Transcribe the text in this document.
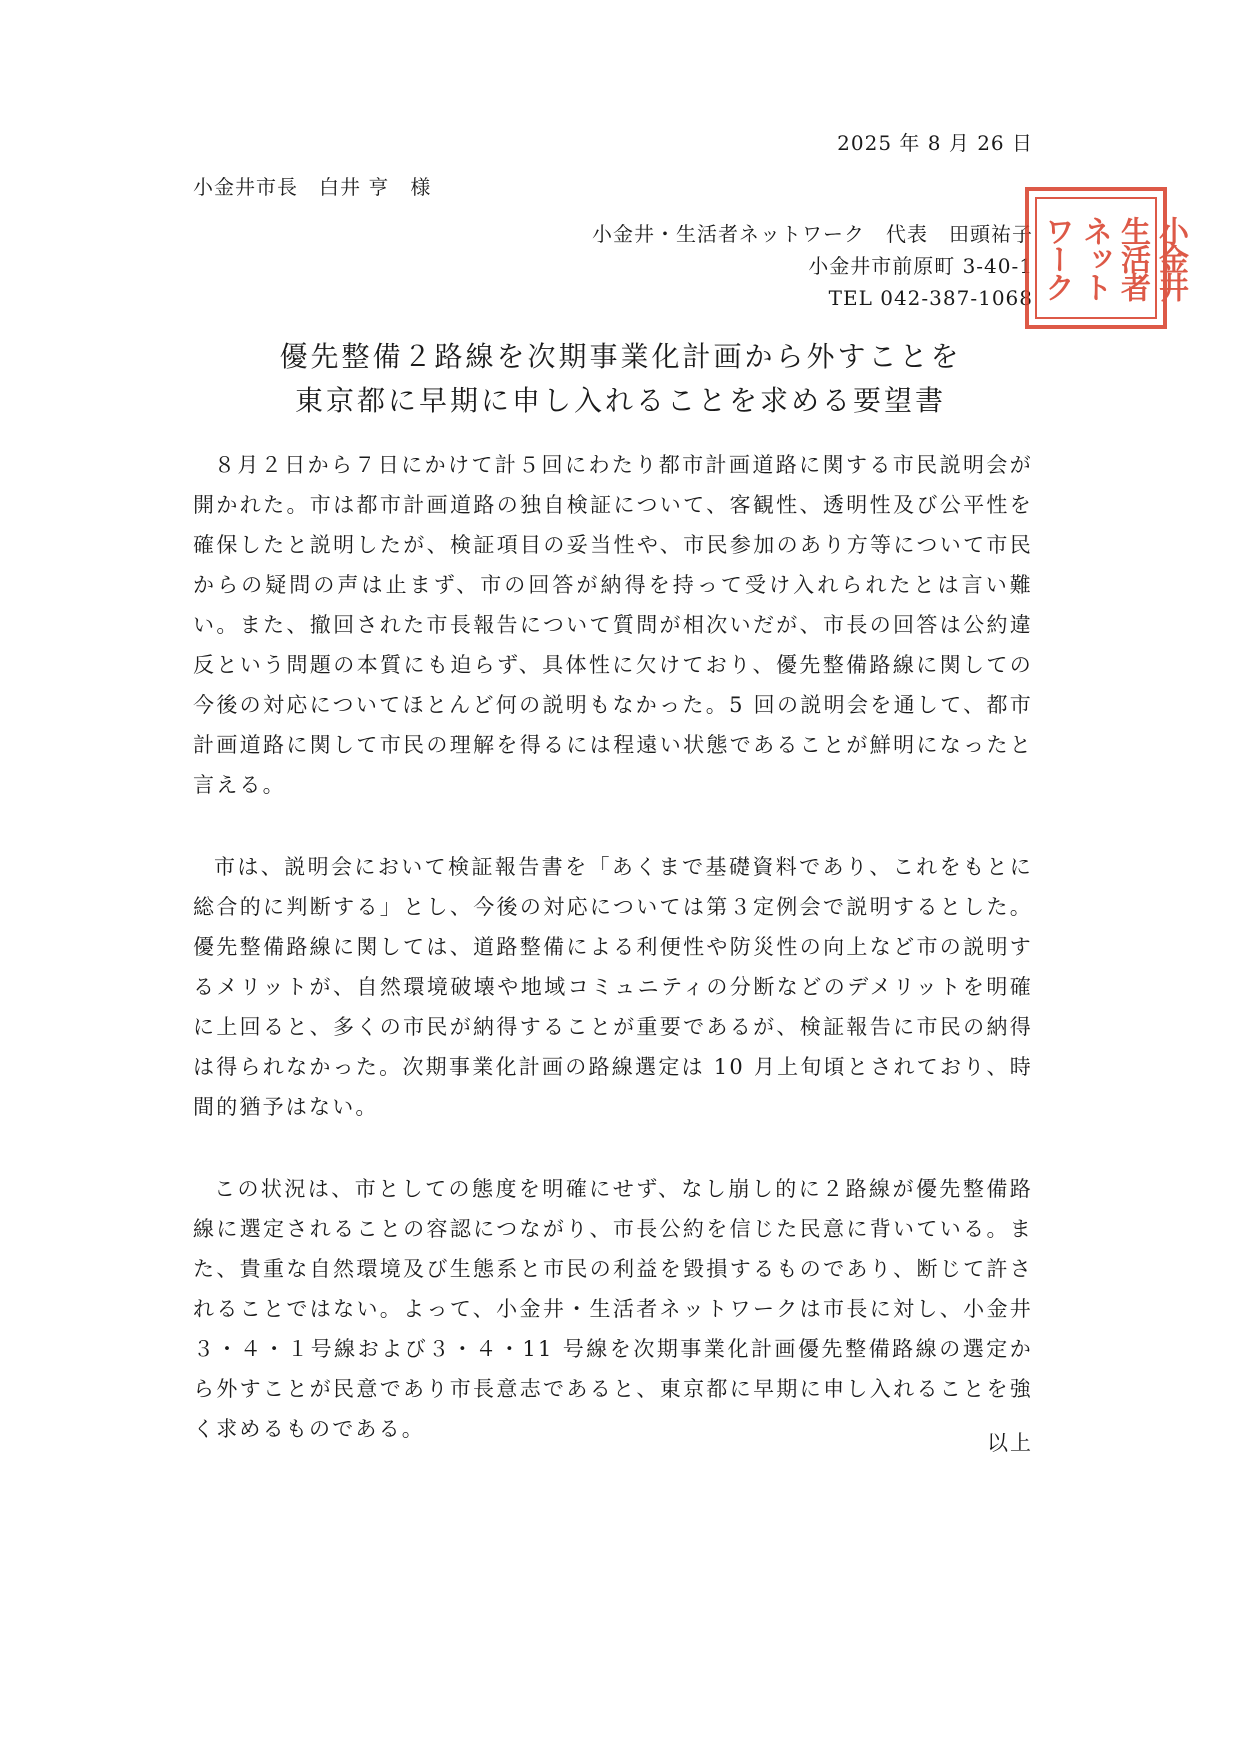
2025 年 8 月 26 日
小金井市長　白井 亨　様
小金井・生活者ネットワーク　代表　田頭祐子
小金井市前原町 3-40-1
TEL 042-387-1068	小金井
生活者
ネット
ワーク
優先整備２路線を次期事業化計画から外すことを
東京都に早期に申し入れることを求める要望書

８月２日から７日にかけて計５回にわたり都市計画道路に関する市民説明会が開かれた。市は都市計画道路の独自検証について、客観性、透明性及び公平性を確保したと説明したが、検証項目の妥当性や、市民参加のあり方等について市民からの疑問の声は止まず、市の回答が納得を持って受け入れられたとは言い難い。また、撤回された市長報告について質問が相次いだが、市長の回答は公約違反という問題の本質にも迫らず、具体性に欠けており、優先整備路線に関しての今後の対応についてほとんど何の説明もなかった。5 回の説明会を通して、都市計画道路に関して市民の理解を得るには程遠い状態であることが鮮明になったと言える。

市は、説明会において検証報告書を「あくまで基礎資料であり、これをもとに総合的に判断する」とし、今後の対応については第３定例会で説明するとした。優先整備路線に関しては、道路整備による利便性や防災性の向上など市の説明するメリットが、自然環境破壊や地域コミュニティの分断などのデメリットを明確に上回ると、多くの市民が納得することが重要であるが、検証報告に市民の納得は得られなかった。次期事業化計画の路線選定は 10 月上旬頃とされており、時間的猶予はない。

この状況は、市としての態度を明確にせず、なし崩し的に２路線が優先整備路線に選定されることの容認につながり、市長公約を信じた民意に背いている。また、貴重な自然環境及び生態系と市民の利益を毀損するものであり、断じて許されることではない。よって、小金井・生活者ネットワークは市長に対し、小金井３・４・１号線および３・４・11 号線を次期事業化計画優先整備路線の選定から外すことが民意であり市長意志であると、東京都に早期に申し入れることを強く求めるものである。

以上
